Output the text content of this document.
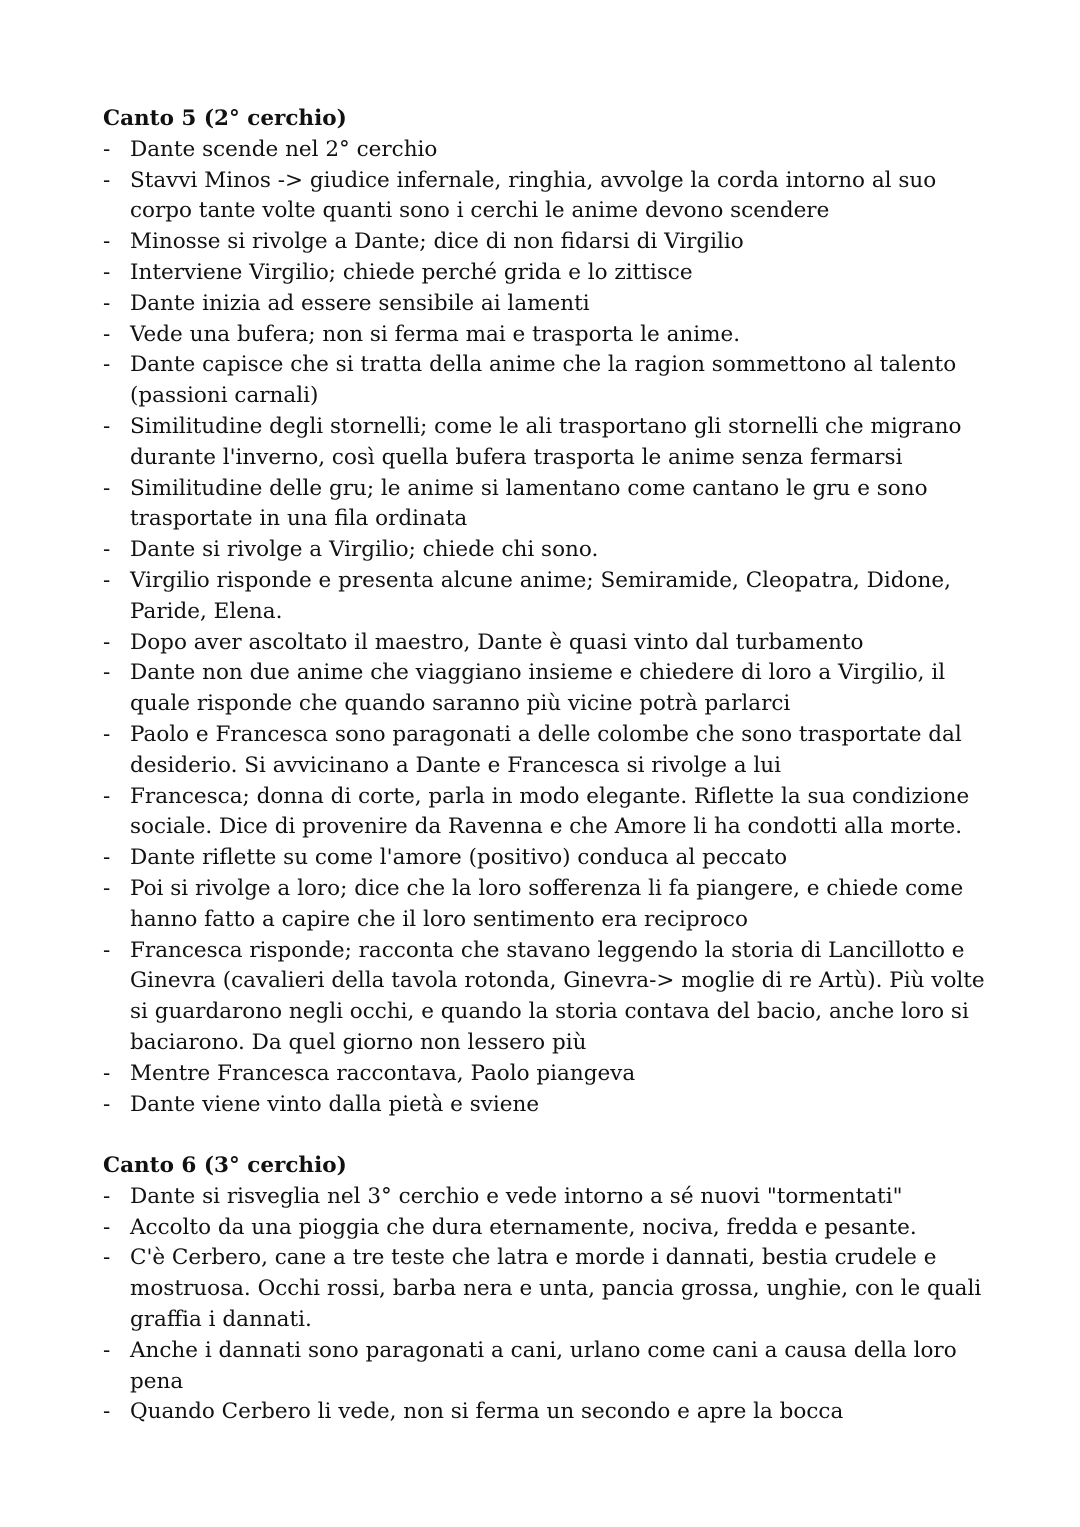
Canto 5 (2° cerchio)
- Dante scende nel 2° cerchio
- Stavvi Minos -> giudice infernale, ringhia, avvolge la corda intorno al suo corpo tante volte quanti sono i cerchi le anime devono scendere
- Minosse si rivolge a Dante; dice di non fidarsi di Virgilio
- Interviene Virgilio; chiede perché grida e lo zittisce
- Dante inizia ad essere sensibile ai lamenti
- Vede una bufera; non si ferma mai e trasporta le anime.
- Dante capisce che si tratta della anime che la ragion sommettono al talento (passioni carnali)
- Similitudine degli stornelli; come le ali trasportano gli stornelli che migrano durante l'inverno, così quella bufera trasporta le anime senza fermarsi
- Similitudine delle gru; le anime si lamentano come cantano le gru e sono trasportate in una fila ordinata
- Dante si rivolge a Virgilio; chiede chi sono.
- Virgilio risponde e presenta alcune anime; Semiramide, Cleopatra, Didone, Paride, Elena.
- Dopo aver ascoltato il maestro, Dante è quasi vinto dal turbamento
- Dante non due anime che viaggiano insieme e chiedere di loro a Virgilio, il quale risponde che quando saranno più vicine potrà parlarci
- Paolo e Francesca sono paragonati a delle colombe che sono trasportate dal desiderio. Si avvicinano a Dante e Francesca si rivolge a lui
- Francesca; donna di corte, parla in modo elegante. Riflette la sua condizione sociale. Dice di provenire da Ravenna e che Amore li ha condotti alla morte.
- Dante riflette su come l'amore (positivo) conduca al peccato
- Poi si rivolge a loro; dice che la loro sofferenza li fa piangere, e chiede come hanno fatto a capire che il loro sentimento era reciproco
- Francesca risponde; racconta che stavano leggendo la storia di Lancillotto e Ginevra (cavalieri della tavola rotonda, Ginevra-> moglie di re Artù). Più volte si guardarono negli occhi, e quando la storia contava del bacio, anche loro si baciarono. Da quel giorno non lessero più
- Mentre Francesca raccontava, Paolo piangeva
- Dante viene vinto dalla pietà e sviene
Canto 6 (3° cerchio)
- Dante si risveglia nel 3° cerchio e vede intorno a sé nuovi "tormentati"
- Accolto da una pioggia che dura eternamente, nociva, fredda e pesante.
- C'è Cerbero, cane a tre teste che latra e morde i dannati, bestia crudele e mostruosa. Occhi rossi, barba nera e unta, pancia grossa, unghie, con le quali graffia i dannati.
- Anche i dannati sono paragonati a cani, urlano come cani a causa della loro pena
- Quando Cerbero li vede, non si ferma un secondo e apre la bocca
